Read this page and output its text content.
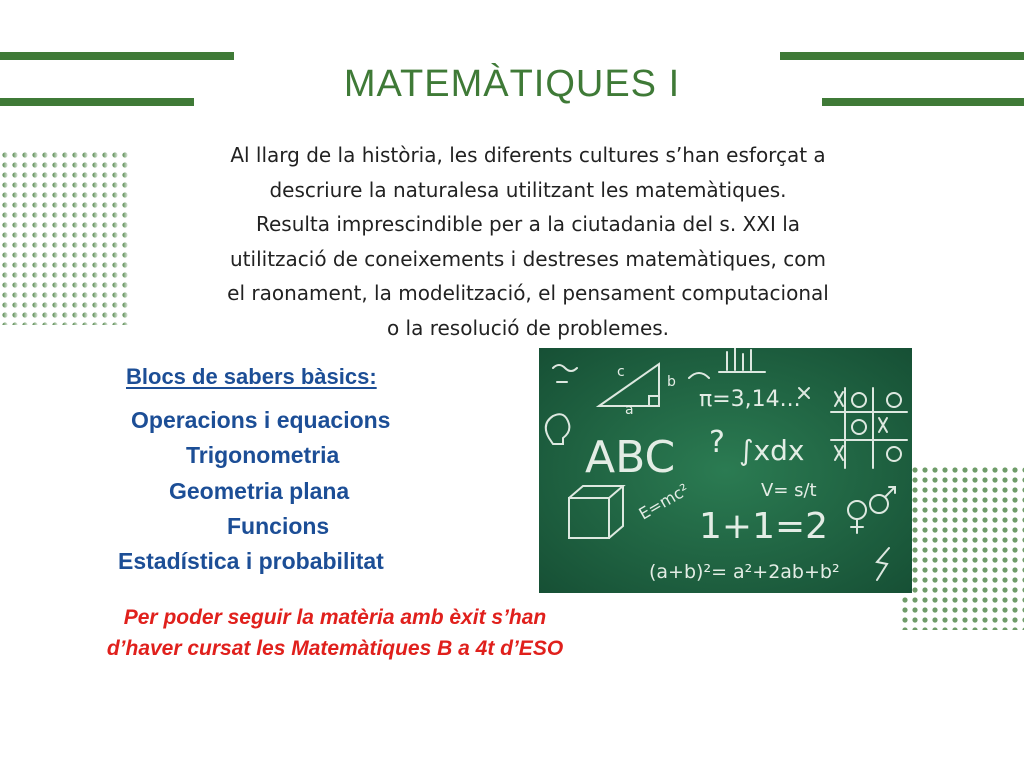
MATEMÀTIQUES I
Al llarg de la història, les diferents cultures s’han esforçat a
descriure la naturalesa utilitzant les matemàtiques.
Resulta imprescindible per a la ciutadania del s. XXI la
utilització de coneixements i destreses matemàtiques, com
el raonament, la modelització, el pensament computacional
o la resolució de problemes.
Blocs de sabers bàsics:
Operacions i equacions
Trigonometria
Geometria plana
Funcions
Estadística i probabilitat
π=3,14...
ABC ∫xdx
V= s/t
1+1=2
(a+b)²= a²+2ab+b²
E=mc²
a
b
c
?
Per poder seguir la matèria amb èxit s’han
d’haver cursat les Matemàtiques B a 4t d’ESO
